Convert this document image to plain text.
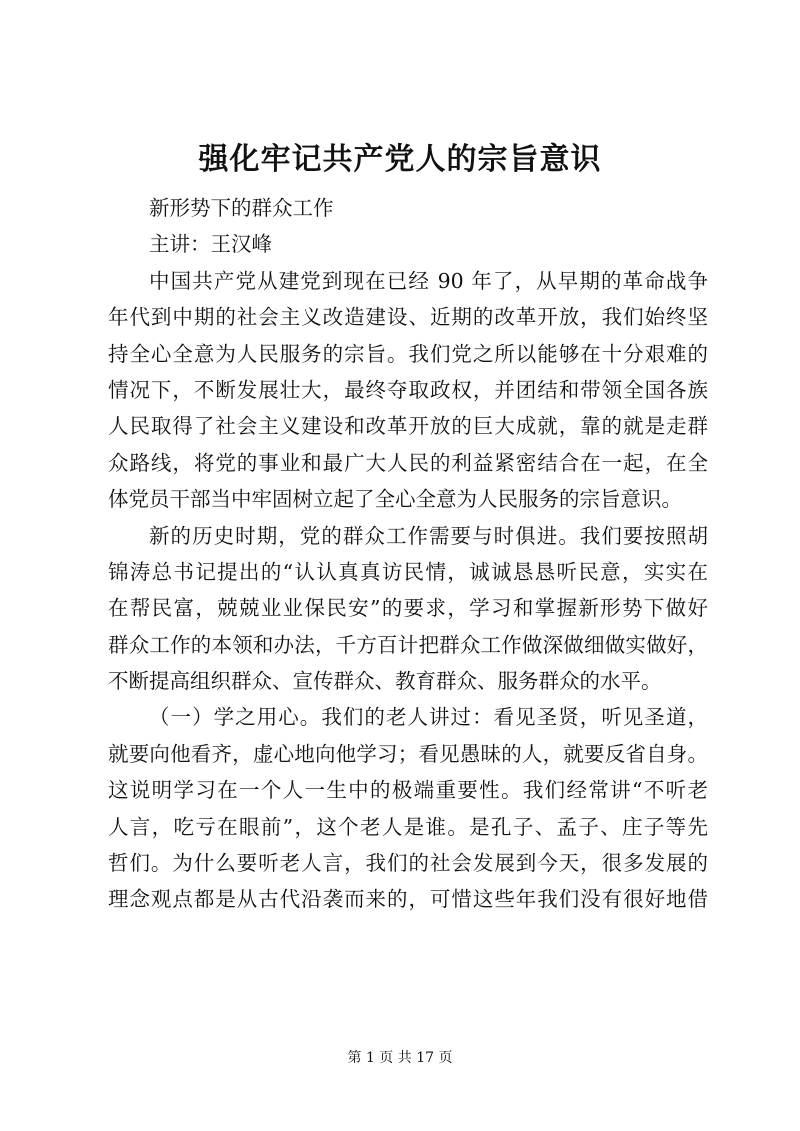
强化牢记共产党人的宗旨意识
新形势下的群众工作
主讲：王汉峰
中国共产党从建党到现在已经 90 年了，从早期的革命战争
年代到中期的社会主义改造建设、近期的改革开放，我们始终坚
持全心全意为人民服务的宗旨。我们党之所以能够在十分艰难的
情况下，不断发展壮大，最终夺取政权，并团结和带领全国各族
人民取得了社会主义建设和改革开放的巨大成就，靠的就是走群
众路线，将党的事业和最广大人民的利益紧密结合在一起，在全
体党员干部当中牢固树立起了全心全意为人民服务的宗旨意识。
新的历史时期，党的群众工作需要与时俱进。我们要按照胡
锦涛总书记提出的“认认真真访民情，诚诚恳恳听民意，实实在
在帮民富，兢兢业业保民安”的要求，学习和掌握新形势下做好
群众工作的本领和办法，千方百计把群众工作做深做细做实做好，
不断提高组织群众、宣传群众、教育群众、服务群众的水平。
（一）学之用心。我们的老人讲过：看见圣贤，听见圣道，
就要向他看齐，虚心地向他学习；看见愚昧的人，就要反省自身。
这说明学习在一个人一生中的极端重要性。我们经常讲“不听老
人言，吃亏在眼前”，这个老人是谁。是孔子、孟子、庄子等先
哲们。为什么要听老人言，我们的社会发展到今天，很多发展的
理念观点都是从古代沿袭而来的，可惜这些年我们没有很好地借
第 1 页 共 17 页
